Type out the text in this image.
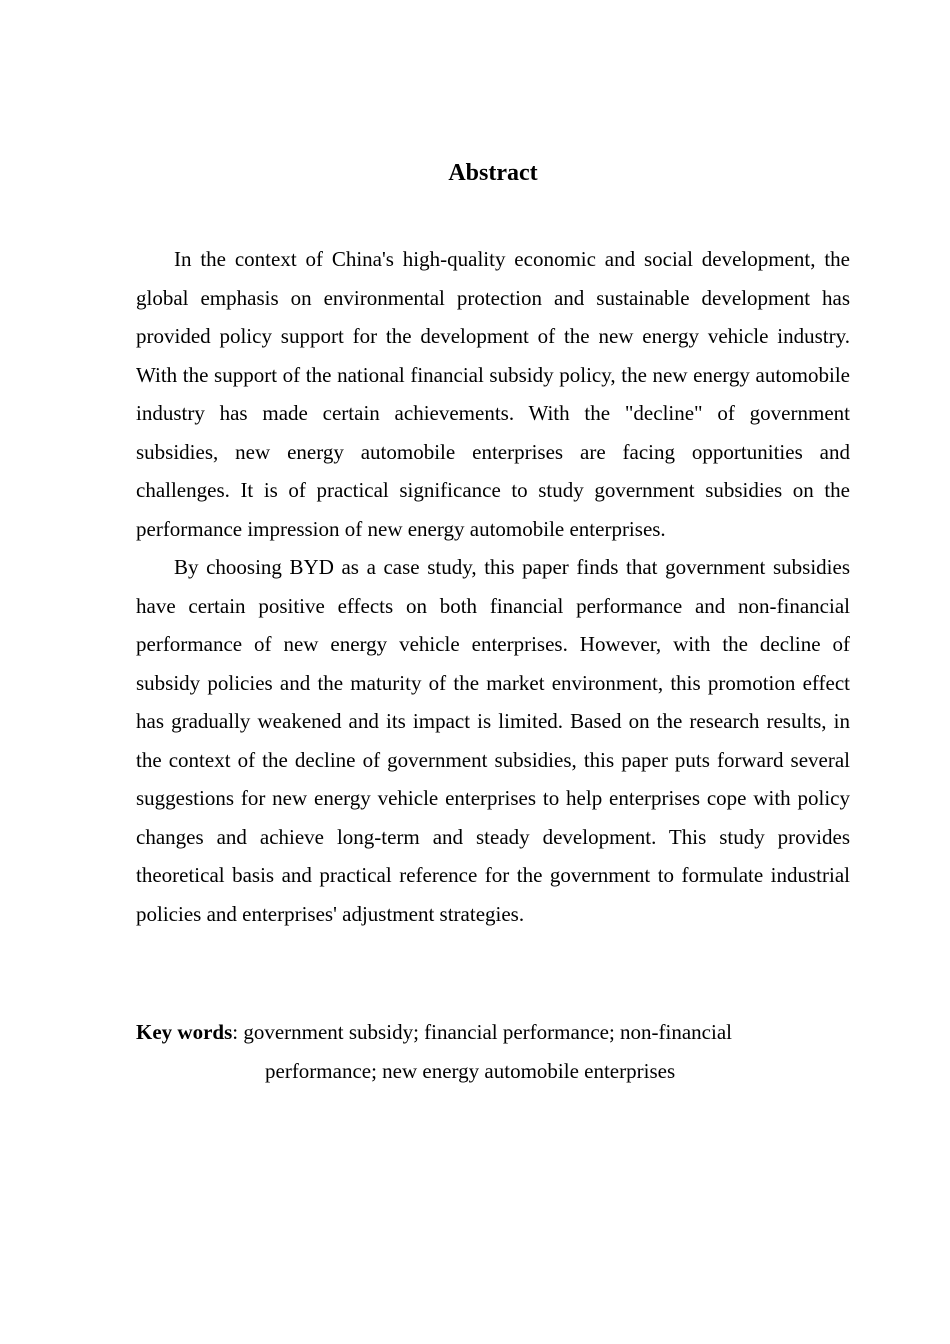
Abstract

In the context of China's high-quality economic and social development, the global emphasis on environmental protection and sustainable development has provided policy support for the development of the new energy vehicle industry. With the support of the national financial subsidy policy, the new energy automobile industry has made certain achievements. With the "decline" of government subsidies, new energy automobile enterprises are facing opportunities and challenges. It is of practical significance to study government subsidies on the performance impression of new energy automobile enterprises.

By choosing BYD as a case study, this paper finds that government subsidies have certain positive effects on both financial performance and non-financial performance of new energy vehicle enterprises. However, with the decline of subsidy policies and the maturity of the market environment, this promotion effect has gradually weakened and its impact is limited. Based on the research results, in the context of the decline of government subsidies, this paper puts forward several suggestions for new energy vehicle enterprises to help enterprises cope with policy changes and achieve long-term and steady development. This study provides theoretical basis and practical reference for the government to formulate industrial policies and enterprises' adjustment strategies.

Key words: government subsidy; financial performance; non-financial
performance; new energy automobile enterprises
